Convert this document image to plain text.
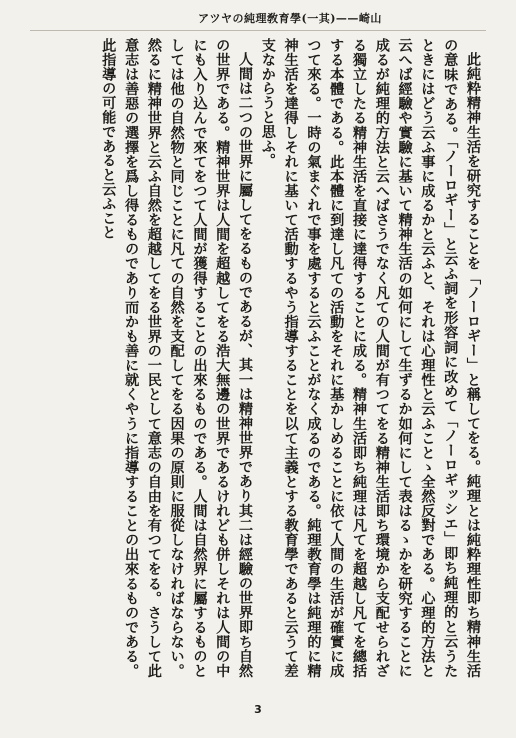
山崎——(其一)學育敎理純のヤツア

此純粋精神生活を研究することを「ノーロギー」と稱してをる。純理とは純粋理性即ち精神生活の意味である。「ノーロギー」と云ふ詞を形容詞に改めて「ノーロギッシエ」即ち純理的と云うたときにはどう云ふ事に成るかと云ふと、それは心理性と云ふことゝ全然反對である。心理的方法と云へば經驗や實驗に基いて精神生活の如何にして生ずるか如何にして表はるゝかを研究することに成るが純理的方法と云へばさうでなく凡ての人間が有つてをる精神生活即ち環境から支配せられざる獨立したる精神生活を直接に達得することに成る。精神生活即ち純理は凡てを超越し凡てを總括する本體である。此本體に到達し凡ての活動をそれに基かしめることに依て人間の生活が確實に成つて來る。一時の氣まぐれで事を處すると云ふことがなく成るのである。純理教育學は純理的に精神生活を達得しそれに基いて活動するやう指導することを以て主義とする教育學であると云うて差支なからうと思ふ。

人間は二つの世界に屬してをるものであるが、其一は精神世界であり其二は經驗の世界即ち自然の世界である。精神世界は人間を超越してをる浩大無邊の世界であるけれども併しそれは人間の中にも入り込んで來てをつて人間が獲得することの出來るものである。人間は自然界に屬するものとしては他の自然物と同じことに凡ての自然を支配してをる因果の原則に服從しなければならない。然るに精神世界と云ふ自然を超越してをる世界の一民として意志の自由を有つてをる。さうして此意志は善惡の選擇を爲し得るものであり而かも善に就くやうに指導することの出來るものである。此指導の可能であると云ふこと

3
